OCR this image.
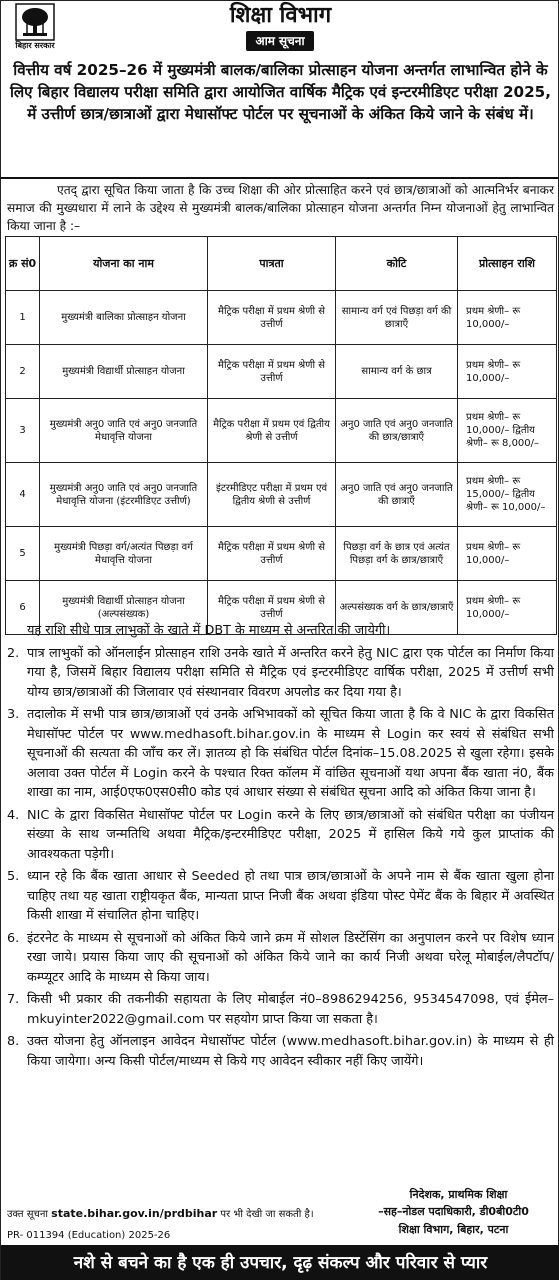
बिहार सरकार
शिक्षा विभाग
आम सूचना
वित्तीय वर्ष 2025–26 में मुख्यमंत्री बालक/बालिका प्रोत्साहन योजना अन्तर्गत लाभान्वित होने के लिए बिहार विद्यालय परीक्षा समिति द्वारा आयोजित वार्षिक मैट्रिक एवं इन्टरमीडिएट परीक्षा 2025, में उत्तीर्ण छात्र/छात्राओं द्वारा मेधासॉफ्ट पोर्टल पर सूचनाओं के अंकित किये जाने के संबंध में।
एतद् द्वारा सूचित किया जाता है कि उच्च शिक्षा की ओर प्रोत्साहित करने एवं छात्र/छात्राओं को आत्मनिर्भर बनाकर समाज की मुख्यधारा में लाने के उद्देश्य से मुख्यमंत्री बालक/बालिका प्रोत्साहन योजना अन्तर्गत निम्न योजनाओं हेतु लाभान्वित किया जाना है :–
क्र सं0	योजना का नाम	पात्रता	कोटि	प्रोत्साहन राशि
1	मुख्यमंत्री बालिका प्रोत्साहन योजना	मैट्रिक परीक्षा में प्रथम श्रेणी से उत्तीर्ण	सामान्य वर्ग एवं पिछड़ा वर्ग की छात्राएँ	प्रथम श्रेणी– रू 10,000/–
2	मुख्यमंत्री विद्यार्थी प्रोत्साहन योजना	मैट्रिक परीक्षा में प्रथम श्रेणी से उत्तीर्ण	सामान्य वर्ग के छात्र	प्रथम श्रेणी– रू 10,000/–
3	मुख्यमंत्री अनु0 जाति एवं अनु0 जनजाति मेधावृत्ति योजना	मैट्रिक परीक्षा में प्रथम एवं द्वितीय श्रेणी से उत्तीर्ण	अनु0 जाति एवं अनु0 जनजाति की छात्र/छात्राएँ	प्रथम श्रेणी– रू 10,000/– द्वितीय श्रेणी– रू 8,000/–
4	मुख्यमंत्री अनु0 जाति एवं अनु0 जनजाति मेधावृत्ति योजना (इंटरमीडिएट उत्तीर्ण)	इंटरमीडिएट परीक्षा में प्रथम एवं द्वितीय श्रेणी से उत्तीर्ण	अनु0 जाति एवं अनु0 जनजाति की छात्राएँ	प्रथम श्रेणी– रू 15,000/– द्वितीय श्रेणी– रू 10,000/–
5	मुख्यमंत्री पिछड़ा वर्ग/अत्यंत पिछड़ा वर्ग मेधावृत्ति योजना	मैट्रिक परीक्षा में प्रथम श्रेणी से उत्तीर्ण	पिछड़ा वर्ग के छात्र एवं अत्यंत पिछड़ा वर्ग के छात्र/छात्राएँ	प्रथम श्रेणी– रू 10,000/–
6	मुख्यमंत्री विद्यार्थी प्रोत्साहन योजना (अल्पसंख्यक)	मैट्रिक परीक्षा में प्रथम श्रेणी से उत्तीर्ण	अल्पसंख्यक वर्ग के छात्र/छात्राएँ	प्रथम श्रेणी– रू 10,000/–
यह राशि सीधे पात्र लाभुकों के खाते में DBT के माध्यम से अन्तरित की जायेगी।
2. पात्र लाभुकों को ऑनलाईन प्रोत्साहन राशि उनके खाते में अन्तरित करने हेतु NIC द्वारा एक पोर्टल का निर्माण किया गया है, जिसमें बिहार विद्यालय परीक्षा समिति से मैट्रिक एवं इन्टरमीडिएट वार्षिक परीक्षा, 2025 में उत्तीर्ण सभी योग्य छात्र/छात्राओं की जिलावार एवं संस्थानवार विवरण अपलोड कर दिया गया है।
3. तदालोक में सभी पात्र छात्र/छात्राओं एवं उनके अभिभावकों को सूचित किया जाता है कि वे NIC के द्वारा विकसित मेधासॉफ्ट पोर्टल पर www.medhasoft.bihar.gov.in के माध्यम से Login कर स्वयं से संबंधित सभी सूचनाओं की सत्यता की जाँच कर लें। ज्ञातव्य हो कि संबंधित पोर्टल दिनांक–15.08.2025 से खुला रहेगा। इसके अलावा उक्त पोर्टल में Login करने के पश्चात रिक्त कॉलम में वांछित सूचनाओं यथा अपना बैंक खाता नं0, बैंक शाखा का नाम, आई0एफ0एस0सी0 कोड एवं आधार संख्या से संबंधित सूचना आदि को अंकित किया जाना है।
4. NIC के द्वारा विकसित मेधासॉफ्ट पोर्टल पर Login करने के लिए छात्र/छात्राओं को संबंधित परीक्षा का पंजीयन संख्या के साथ जन्मतिथि अथवा मैट्रिक/इन्टरमीडिएट परीक्षा, 2025 में हासिल किये गये कुल प्राप्तांक की आवश्यकता पड़ेगी।
5. ध्यान रहे कि बैंक खाता आधार से Seeded हो तथा पात्र छात्र/छात्राओं के अपने नाम से बैंक खाता खुला होना चाहिए तथा यह खाता राष्ट्रीयकृत बैंक, मान्यता प्राप्त निजी बैंक अथवा इंडिया पोस्ट पेमेंट बैंक के बिहार में अवस्थित किसी शाखा में संचालित होना चाहिए।
6. इंटरनेट के माध्यम से सूचनाओं को अंकित किये जाने क्रम में सोशल डिस्टेंसिंग का अनुपालन करने पर विशेष ध्यान रखा जाये। प्रयास किया जाए की सूचनाओं को अंकित किये जाने का कार्य निजी अथवा घरेलू मोबाईल/लैपटॉप/कम्प्यूटर आदि के माध्यम से किया जाय।
7. किसी भी प्रकार की तकनीकी सहायता के लिए मोबाईल नं0–8986294256, 9534547098, एवं ईमेल–mkuyinter2022@gmail.com पर सहयोग प्राप्त किया जा सकता है।
8. उक्त योजना हेतु ऑनलाइन आवेदन मेधासॉफ्ट पोर्टल (www.medhasoft.bihar.gov.in) के माध्यम से ही किया जायेगा। अन्य किसी पोर्टल/माध्यम से किये गए आवेदन स्वीकार नहीं किए जायेंगे।
निदेशक, प्राथमिक शिक्षा
–सह–नोडल पदाधिकारी, डी0बी0टी0
शिक्षा विभाग, बिहार, पटना
उक्त सूचना state.bihar.gov.in/prdbihar पर भी देखी जा सकती है।
PR- 011394 (Education) 2025-26
नशे से बचने का है एक ही उपचार, दृढ़ संकल्प और परिवार से प्यार
